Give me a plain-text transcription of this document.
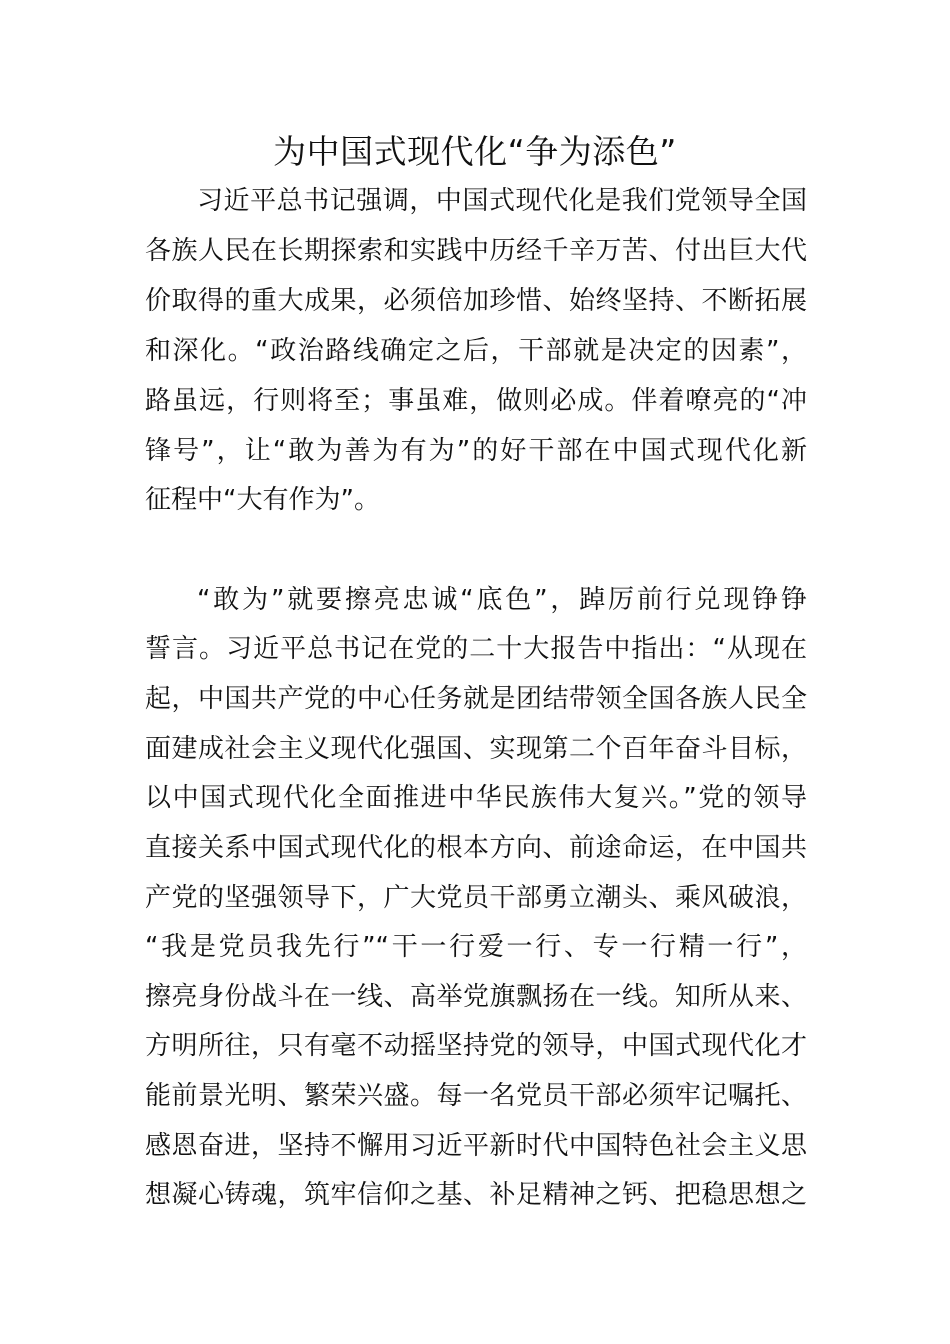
为中国式现代化“争为添色”

习近平总书记强调，中国式现代化是我们党领导全国

各族人民在长期探索和实践中历经千辛万苦、付出巨大代

价取得的重大成果，必须倍加珍惜、始终坚持、不断拓展

和深化。“政治路线确定之后，干部就是决定的因素”，

路虽远，行则将至；事虽难，做则必成。伴着嘹亮的“冲

锋号”，让“敢为善为有为”的好干部在中国式现代化新

征程中“大有作为”。

“敢为”就要擦亮忠诚“底色”，踔厉前行兑现铮铮

誓言。习近平总书记在党的二十大报告中指出：“从现在

起，中国共产党的中心任务就是团结带领全国各族人民全

面建成社会主义现代化强国、实现第二个百年奋斗目标，

以中国式现代化全面推进中华民族伟大复兴。”党的领导

直接关系中国式现代化的根本方向、前途命运，在中国共

产党的坚强领导下，广大党员干部勇立潮头、乘风破浪，

“我是党员我先行”“干一行爱一行、专一行精一行”，

擦亮身份战斗在一线、高举党旗飘扬在一线。知所从来、

方明所往，只有毫不动摇坚持党的领导，中国式现代化才

能前景光明、繁荣兴盛。每一名党员干部必须牢记嘱托、

感恩奋进，坚持不懈用习近平新时代中国特色社会主义思

想凝心铸魂，筑牢信仰之基、补足精神之钙、把稳思想之
